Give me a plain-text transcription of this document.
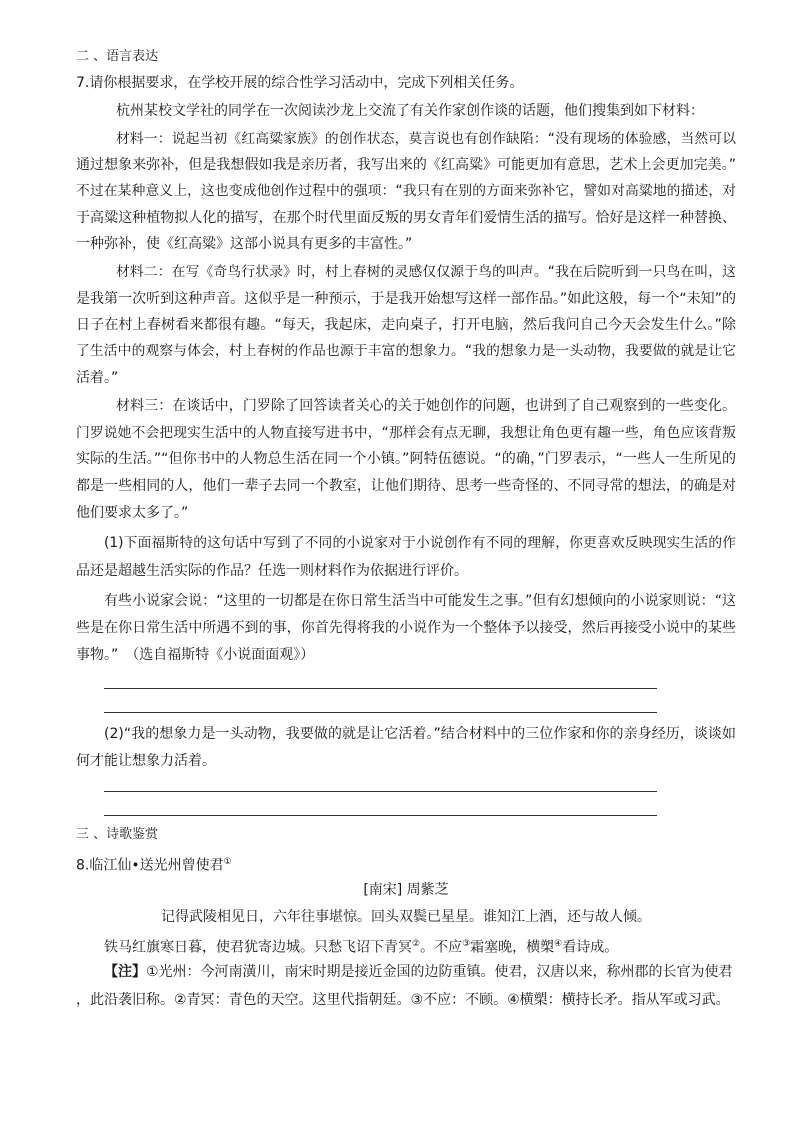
二 、语言表达
7.请你根据要求，在学校开展的综合性学习活动中，完成下列相关任务。
杭州某校文学社的同学在一次阅读沙龙上交流了有关作家创作谈的话题，他们搜集到如下材料：
材料一：说起当初《红高粱家族》的创作状态，莫言说也有创作缺陷：“没有现场的体验感，当然可以
通过想象来弥补，但是我想假如我是亲历者，我写出来的《红高粱》可能更加有意思，艺术上会更加完美。”
不过在某种意义上，这也变成他创作过程中的强项：“我只有在别的方面来弥补它，譬如对高粱地的描述，对
于高粱这种植物拟人化的描写，在那个时代里面反叛的男女青年们爱情生活的描写。恰好是这样一种替换、
一种弥补，使《红高粱》这部小说具有更多的丰富性。”
材料二：在写《奇鸟行状录》时，村上春树的灵感仅仅源于鸟的叫声。“我在后院听到一只鸟在叫，这
是我第一次听到这种声音。这似乎是一种预示，于是我开始想写这样一部作品。”如此这般，每一个“未知”的
日子在村上春树看来都很有趣。“每天，我起床，走向桌子，打开电脑，然后我问自己今天会发生什么。”除
了生活中的观察与体会，村上春树的作品也源于丰富的想象力。“我的想象力是一头动物，我要做的就是让它
活着。”
材料三：在谈话中，门罗除了回答读者关心的关于她创作的问题，也讲到了自己观察到的一些变化。
门罗说她不会把现实生活中的人物直接写进书中，“那样会有点无聊，我想让角色更有趣一些，角色应该背叛
实际的生活。”“但你书中的人物总生活在同一个小镇。”阿特伍德说。“的确，”门罗表示，“一些人一生所见的
都是一些相同的人，他们一辈子去同一个教室，让他们期待、思考一些奇怪的、不同寻常的想法，的确是对
他们要求太多了。”
(1)下面福斯特的这句话中写到了不同的小说家对于小说创作有不同的理解，你更喜欢反映现实生活的作
品还是超越生活实际的作品？任选一则材料作为依据进行评价。
有些小说家会说：“这里的一切都是在你日常生活当中可能发生之事。”但有幻想倾向的小说家则说：“这
些是在你日常生活中所遇不到的事，你首先得将我的小说作为一个整体予以接受，然后再接受小说中的某些
事物。”　（选自福斯特《小说面面观》）
(2)“我的想象力是一头动物，我要做的就是让它活着。”结合材料中的三位作家和你的亲身经历，谈谈如
何才能让想象力活着。
三 、诗歌鉴赏
8.临江仙•送光州曾使君①
[南宋] 周紫芝
记得武陵相见日，六年往事堪惊。回头双鬓已星星。谁知江上酒，还与故人倾。
铁马红旗寒日暮，使君犹寄边城。只愁飞诏下青冥②。不应③霜塞晚，横槊④看诗成。
【注】①光州：今河南潢川，南宋时期是接近金国的边防重镇。使君，汉唐以来，称州郡的长官为使君
，此沿袭旧称。②青冥：青色的天空。这里代指朝廷。③不应：不顾。④横槊：横持长矛。指从军或习武。
